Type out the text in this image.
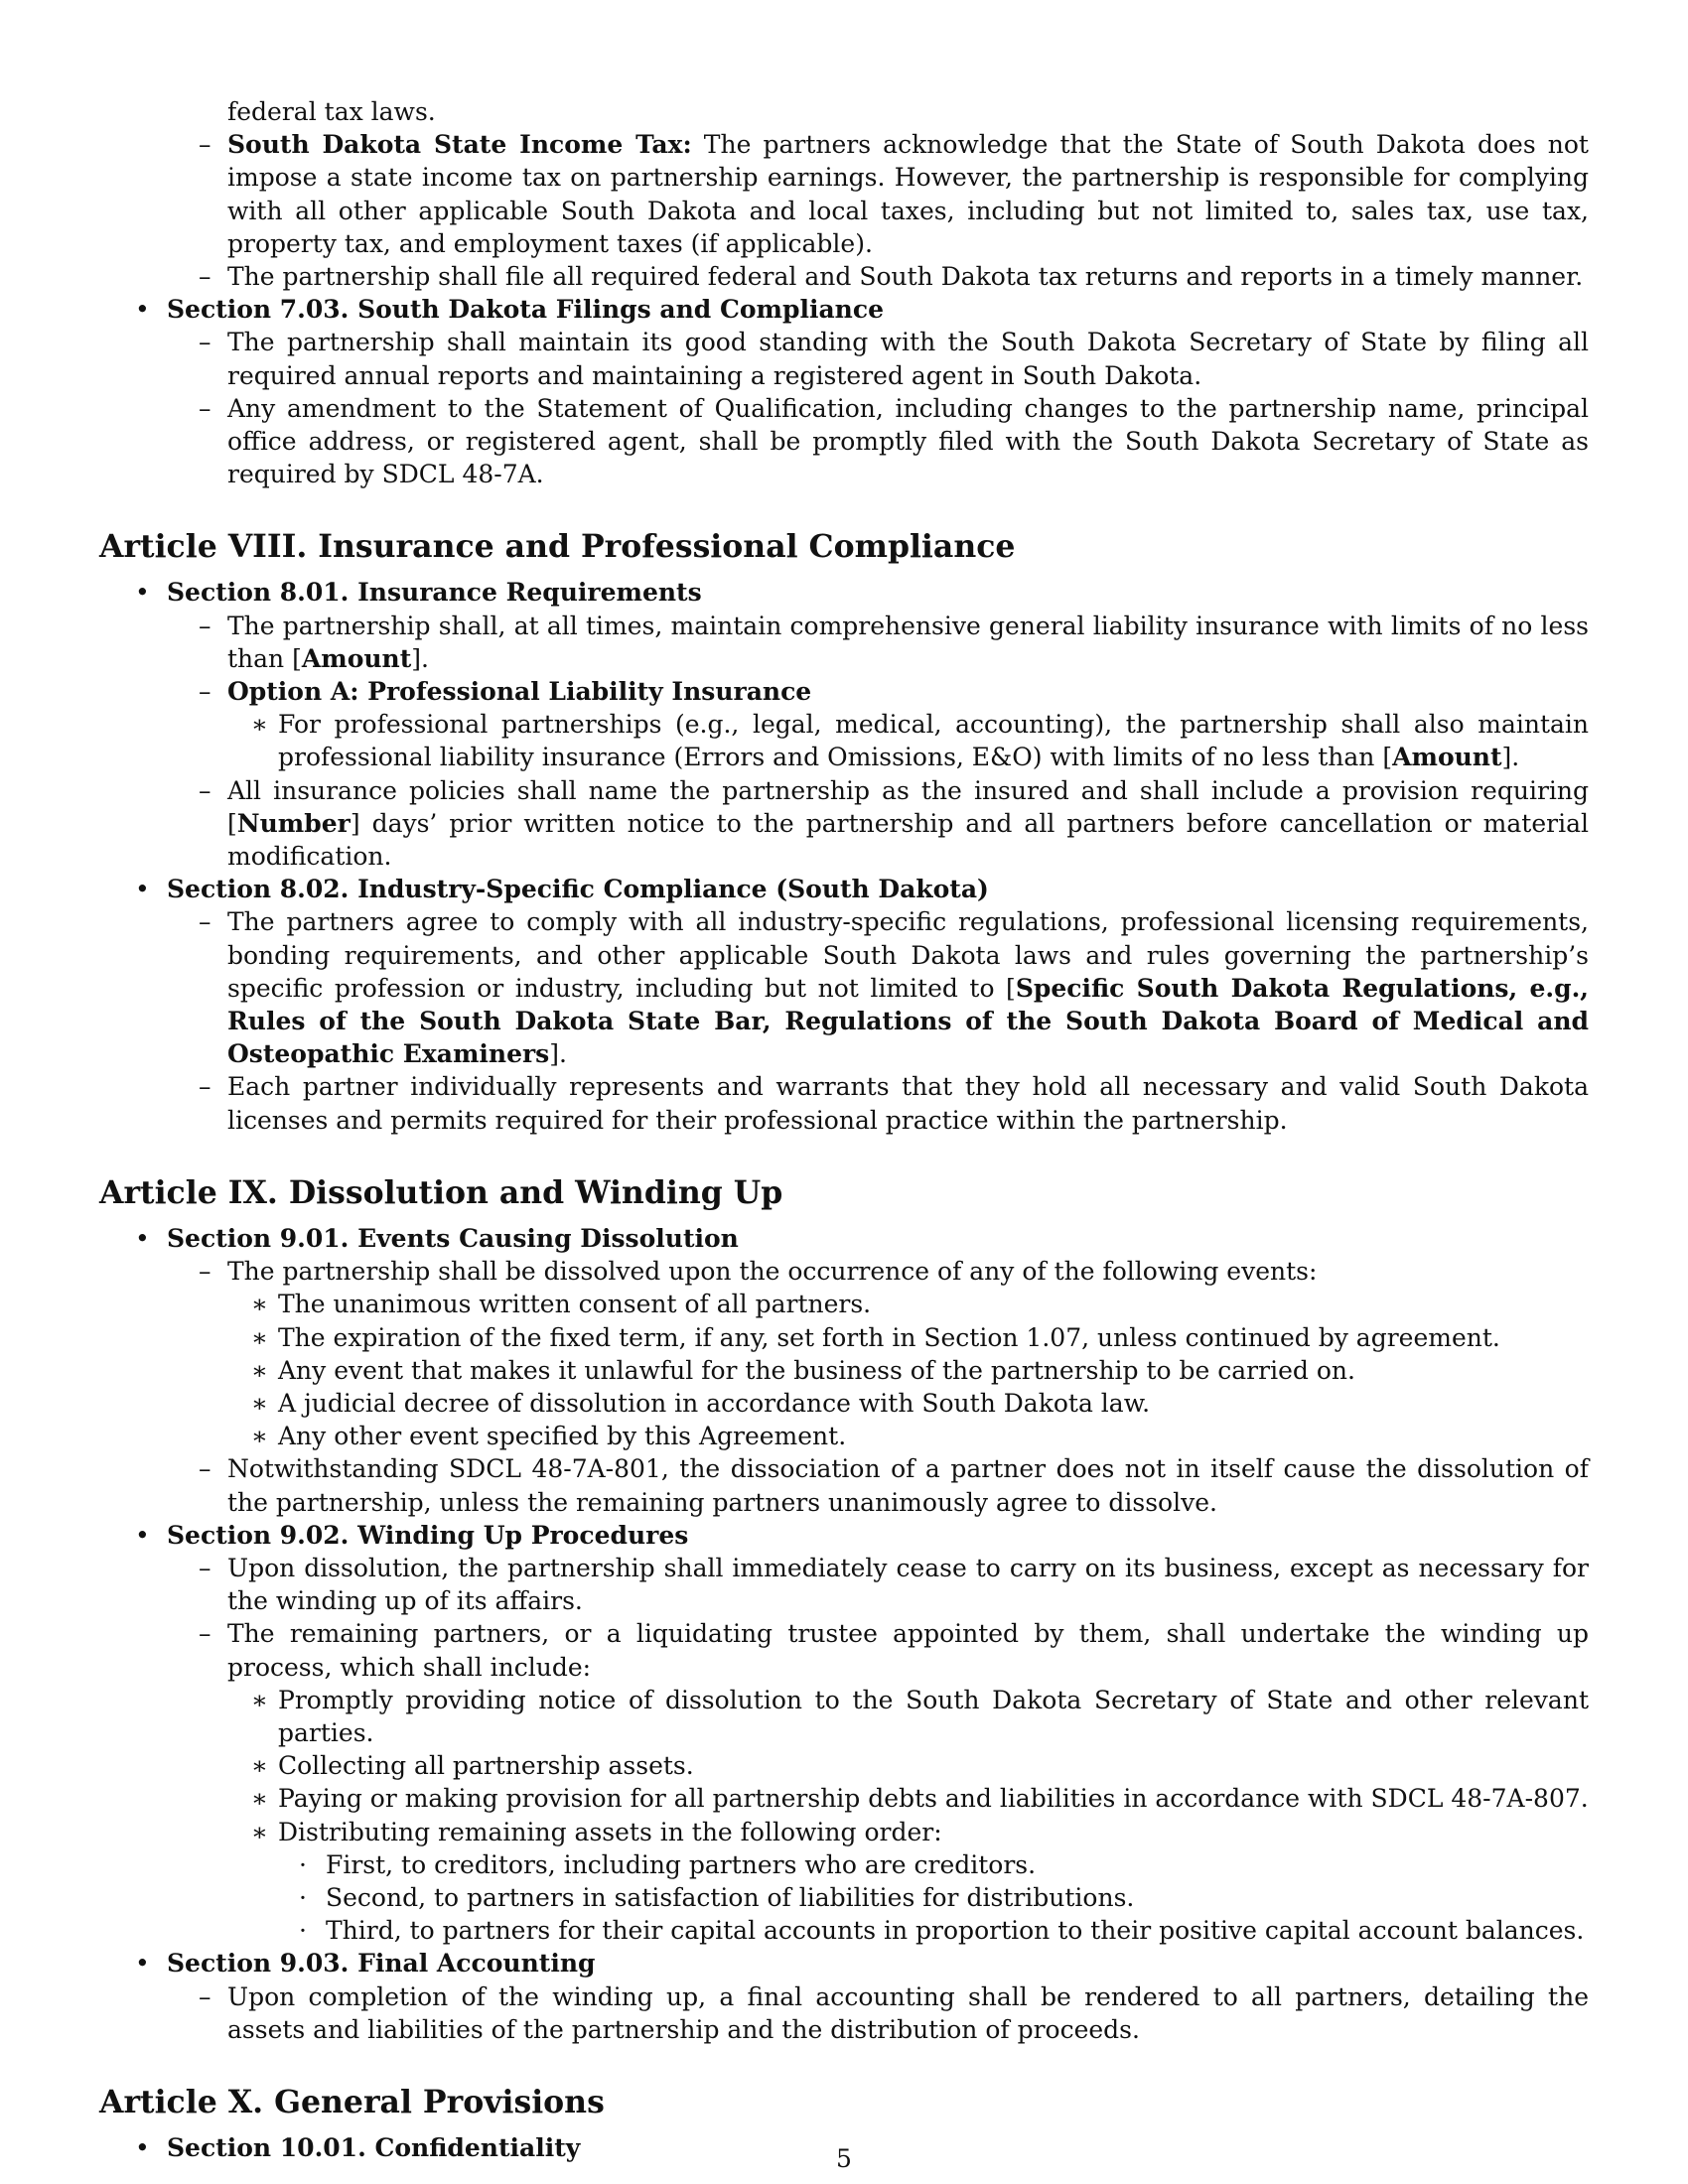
federal tax laws.

– South Dakota State Income Tax: The partners acknowledge that the State of South Dakota does not impose a state income tax on partnership earnings. However, the partnership is responsible for complying with all other applicable South Dakota and local taxes, including but not limited to, sales tax, use tax, property tax, and employment taxes (if applicable).
– The partnership shall file all required federal and South Dakota tax returns and reports in a timely manner.
• Section 7.03. South Dakota Filings and Compliance
– The partnership shall maintain its good standing with the South Dakota Secretary of State by filing all required annual reports and maintaining a registered agent in South Dakota.
– Any amendment to the Statement of Qualification, including changes to the partnership name, principal office address, or registered agent, shall be promptly filed with the South Dakota Secretary of State as required by SDCL 48-7A.
Article VIII. Insurance and Professional Compliance
• Section 8.01. Insurance Requirements
– The partnership shall, at all times, maintain comprehensive general liability insurance with limits of no less than [Amount].
– Option A: Professional Liability Insurance
∗ For professional partnerships (e.g., legal, medical, accounting), the partnership shall also maintain professional liability insurance (Errors and Omissions, E&O) with limits of no less than [Amount].
– All insurance policies shall name the partnership as the insured and shall include a provision requiring [Number] days’ prior written notice to the partnership and all partners before cancellation or material modification.
• Section 8.02. Industry-Specific Compliance (South Dakota)
– The partners agree to comply with all industry-specific regulations, professional licensing requirements, bonding requirements, and other applicable South Dakota laws and rules governing the partnership’s specific profession or industry, including but not limited to [Specific South Dakota Regulations, e.g., Rules of the South Dakota State Bar, Regulations of the South Dakota Board of Medical and Osteopathic Examiners].
– Each partner individually represents and warrants that they hold all necessary and valid South Dakota licenses and permits required for their professional practice within the partnership.
Article IX. Dissolution and Winding Up
• Section 9.01. Events Causing Dissolution
– The partnership shall be dissolved upon the occurrence of any of the following events:
∗ The unanimous written consent of all partners.
∗ The expiration of the fixed term, if any, set forth in Section 1.07, unless continued by agreement.
∗ Any event that makes it unlawful for the business of the partnership to be carried on.
∗ A judicial decree of dissolution in accordance with South Dakota law.
∗ Any other event specified by this Agreement.
– Notwithstanding SDCL 48-7A-801, the dissociation of a partner does not in itself cause the dissolution of the partnership, unless the remaining partners unanimously agree to dissolve.
• Section 9.02. Winding Up Procedures
– Upon dissolution, the partnership shall immediately cease to carry on its business, except as necessary for the winding up of its affairs.
– The remaining partners, or a liquidating trustee appointed by them, shall undertake the winding up process, which shall include:
∗ Promptly providing notice of dissolution to the South Dakota Secretary of State and other relevant parties.
∗ Collecting all partnership assets.
∗ Paying or making provision for all partnership debts and liabilities in accordance with SDCL 48-7A-807.
∗ Distributing remaining assets in the following order:
· First, to creditors, including partners who are creditors.
· Second, to partners in satisfaction of liabilities for distributions.
· Third, to partners for their capital accounts in proportion to their positive capital account balances.
• Section 9.03. Final Accounting
– Upon completion of the winding up, a final accounting shall be rendered to all partners, detailing the assets and liabilities of the partnership and the distribution of proceeds.
Article X. General Provisions
• Section 10.01. Confidentiality	5
